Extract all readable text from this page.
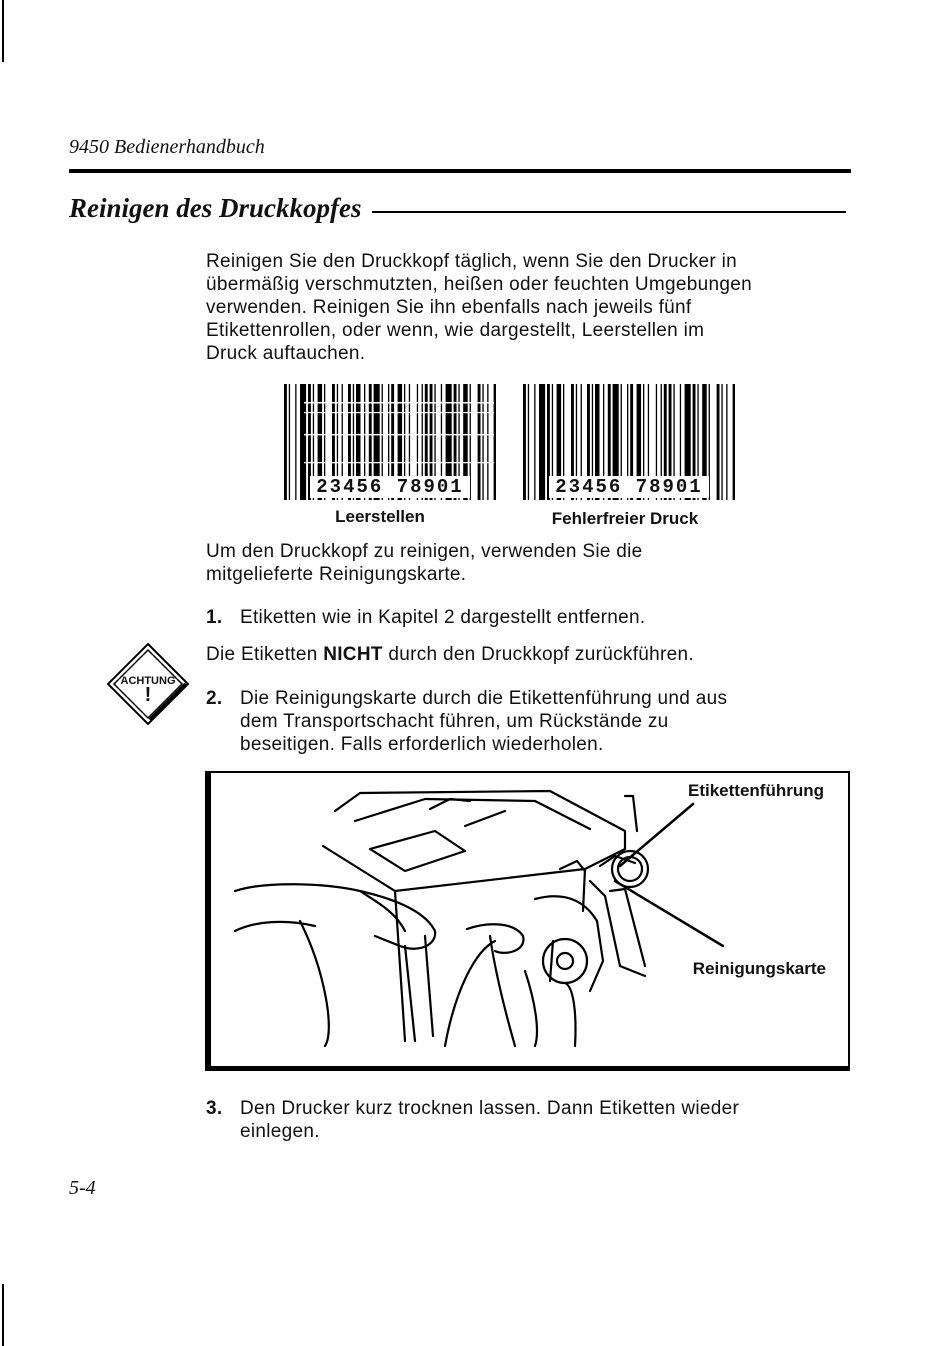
9450 Bedienerhandbuch
Reinigen des Druckkopfes
Reinigen Sie den Druckkopf täglich, wenn Sie den Drucker in
übermäßig verschmutzten, heißen oder feuchten Umgebungen
verwenden. Reinigen Sie ihn ebenfalls nach jeweils fünf
Etikettenrollen, oder wenn, wie dargestellt, Leerstellen im
Druck auftauchen.
23456 78901
Leerstellen
23456 78901
Fehlerfreier Druck
Um den Druckkopf zu reinigen, verwenden Sie die
mitgelieferte Reinigungskarte.
1. Etiketten wie in Kapitel 2 dargestellt entfernen.
ACHTUNG
!
Die Etiketten NICHT durch den Druckkopf zurückführen.
2. Die Reinigungskarte durch die Etikettenführung und aus
dem Transportschacht führen, um Rückstände zu
beseitigen. Falls erforderlich wiederholen.
Etikettenführung
Reinigungskarte
3. Den Drucker kurz trocknen lassen. Dann Etiketten wieder
einlegen.
5-4
